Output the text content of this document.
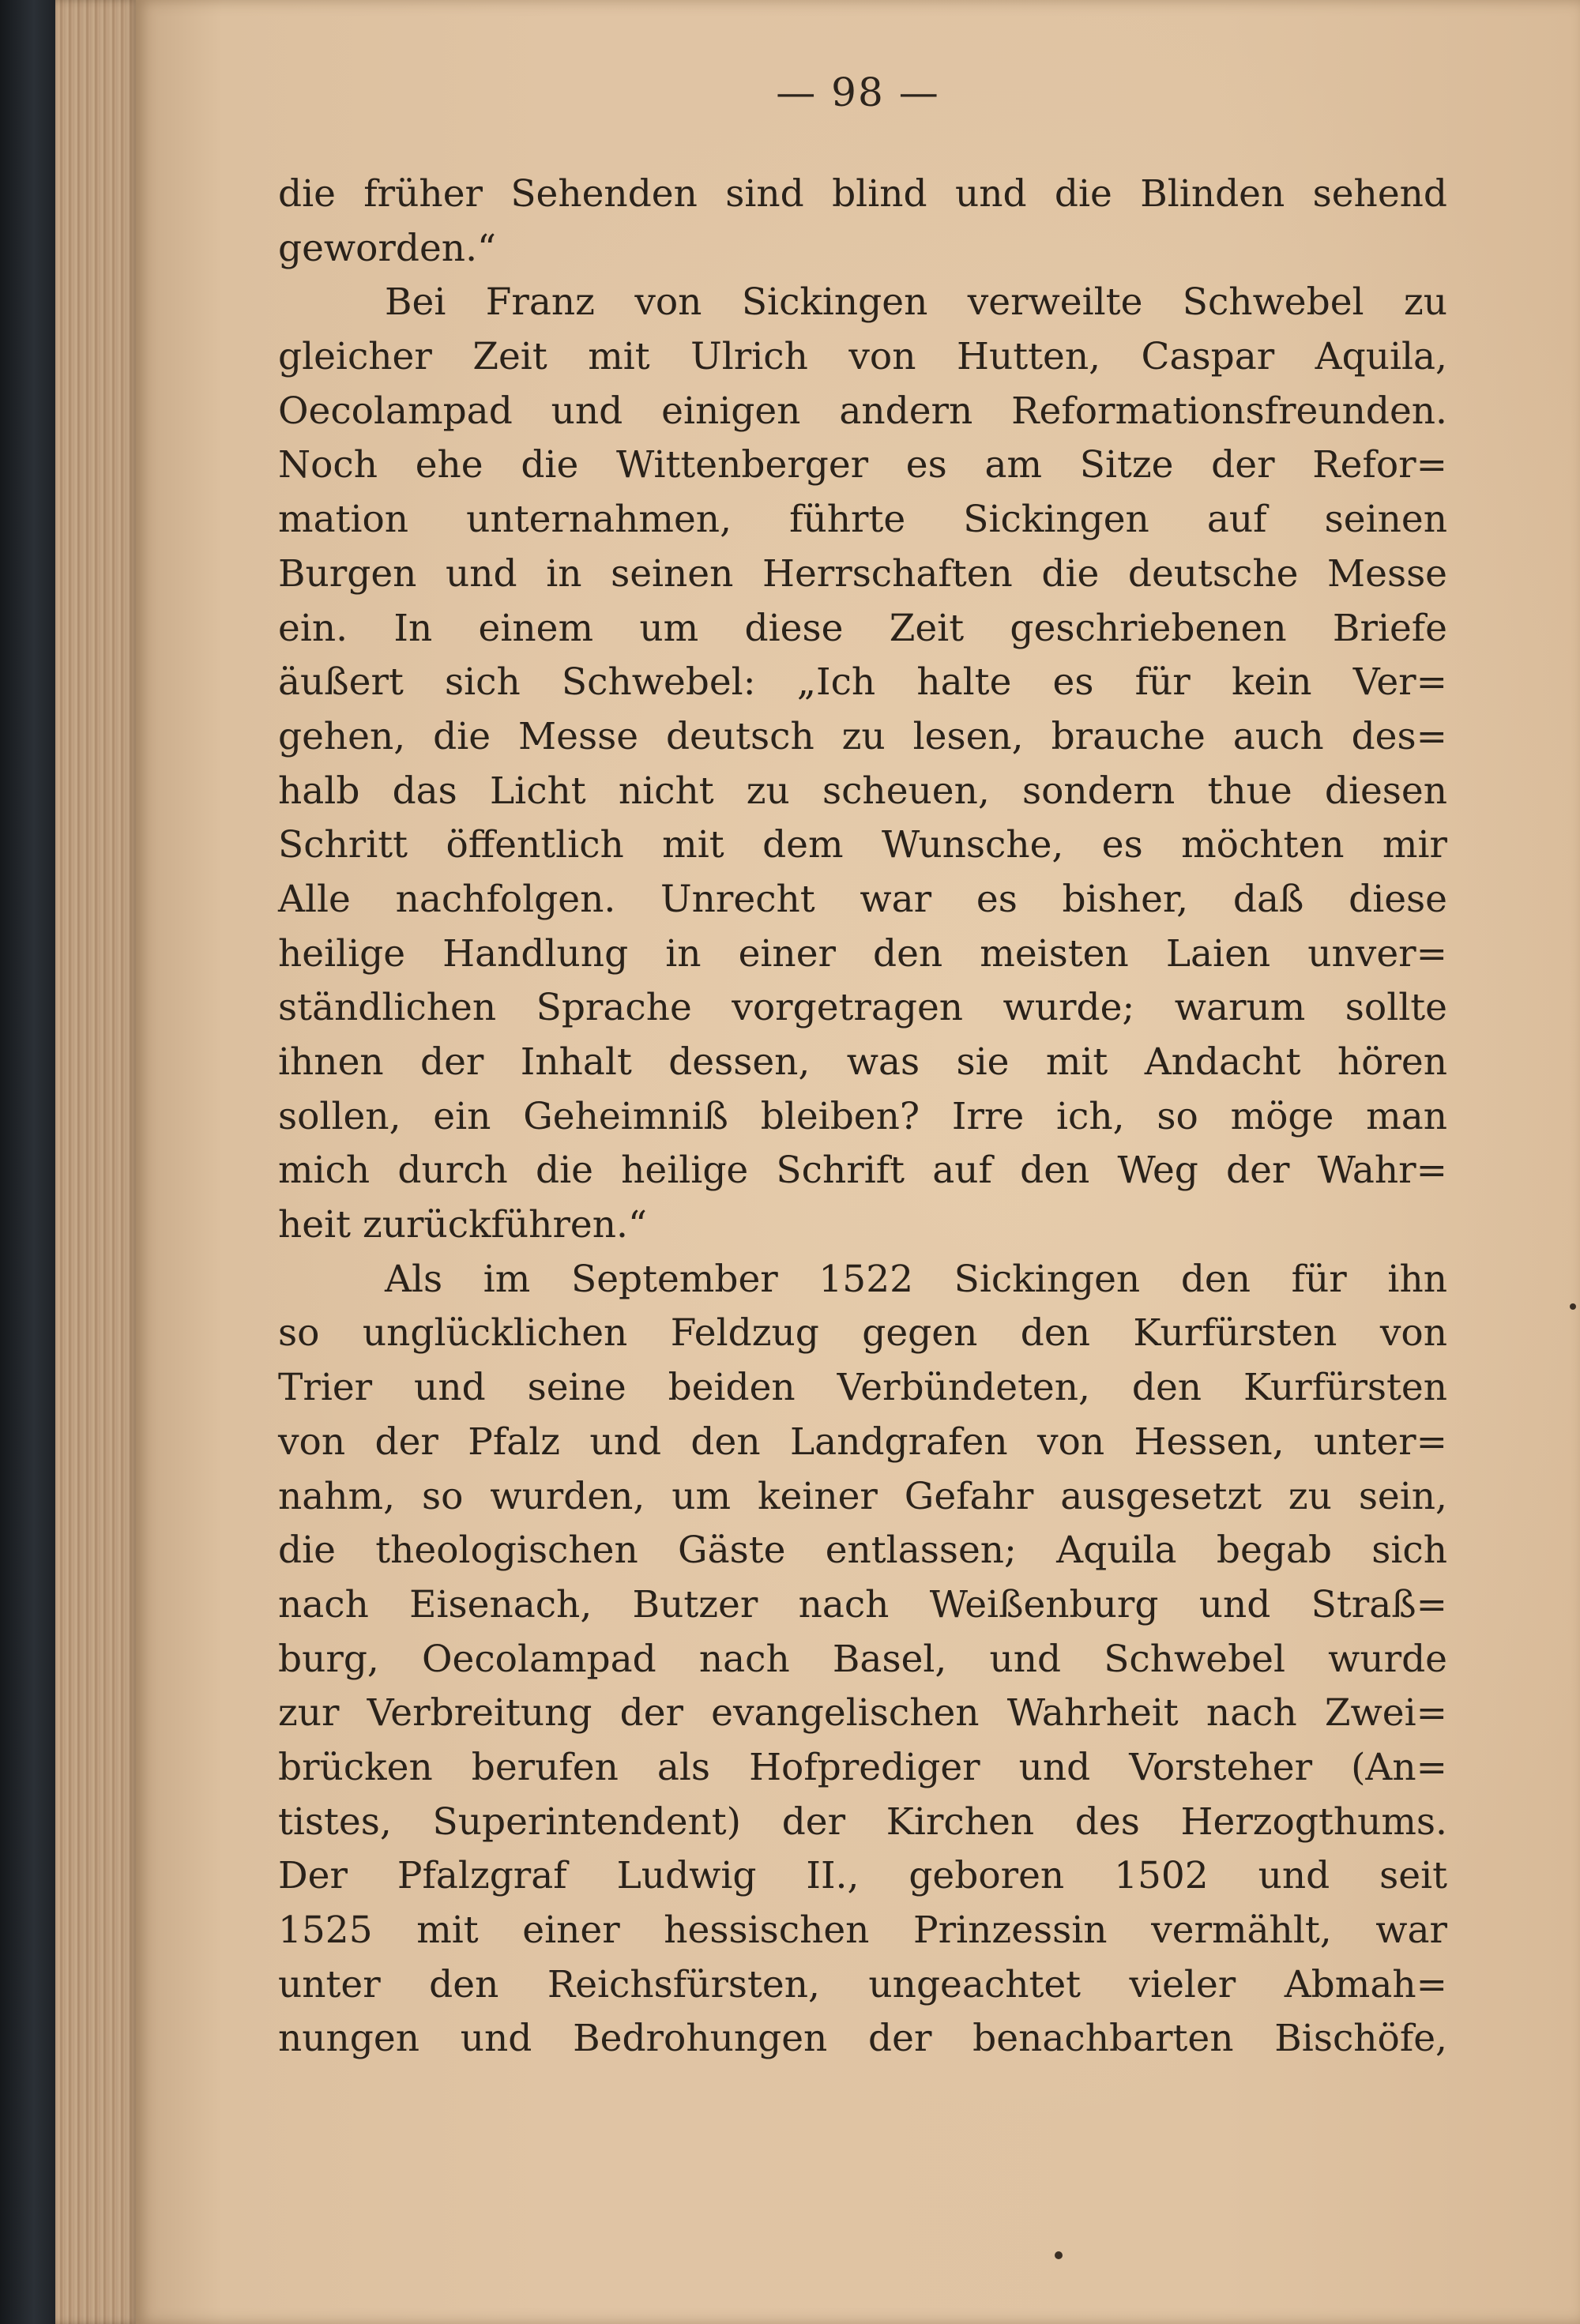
— 98 —
die früher Sehenden sind blind und die Blinden sehend
geworden.“
Bei Franz von Sickingen verweilte Schwebel zu
gleicher Zeit mit Ulrich von Hutten, Caspar Aquila,
Oecolampad und einigen andern Reformationsfreunden.
Noch ehe die Wittenberger es am Sitze der Refor=
mation unternahmen, führte Sickingen auf seinen
Burgen und in seinen Herrschaften die deutsche Messe
ein. In einem um diese Zeit geschriebenen Briefe
äußert sich Schwebel: „Ich halte es für kein Ver=
gehen, die Messe deutsch zu lesen, brauche auch des=
halb das Licht nicht zu scheuen, sondern thue diesen
Schritt öffentlich mit dem Wunsche, es möchten mir
Alle nachfolgen. Unrecht war es bisher, daß diese
heilige Handlung in einer den meisten Laien unver=
ständlichen Sprache vorgetragen wurde; warum sollte
ihnen der Inhalt dessen, was sie mit Andacht hören
sollen, ein Geheimniß bleiben? Irre ich, so möge man
mich durch die heilige Schrift auf den Weg der Wahr=
heit zurückführen.“
Als im September 1522 Sickingen den für ihn
so unglücklichen Feldzug gegen den Kurfürsten von
Trier und seine beiden Verbündeten, den Kurfürsten
von der Pfalz und den Landgrafen von Hessen, unter=
nahm, so wurden, um keiner Gefahr ausgesetzt zu sein,
die theologischen Gäste entlassen; Aquila begab sich
nach Eisenach, Butzer nach Weißenburg und Straß=
burg, Oecolampad nach Basel, und Schwebel wurde
zur Verbreitung der evangelischen Wahrheit nach Zwei=
brücken berufen als Hofprediger und Vorsteher (An=
tistes, Superintendent) der Kirchen des Herzogthums.
Der Pfalzgraf Ludwig II., geboren 1502 und seit
1525 mit einer hessischen Prinzessin vermählt, war
unter den Reichsfürsten, ungeachtet vieler Abmah=
nungen und Bedrohungen der benachbarten Bischöfe,
